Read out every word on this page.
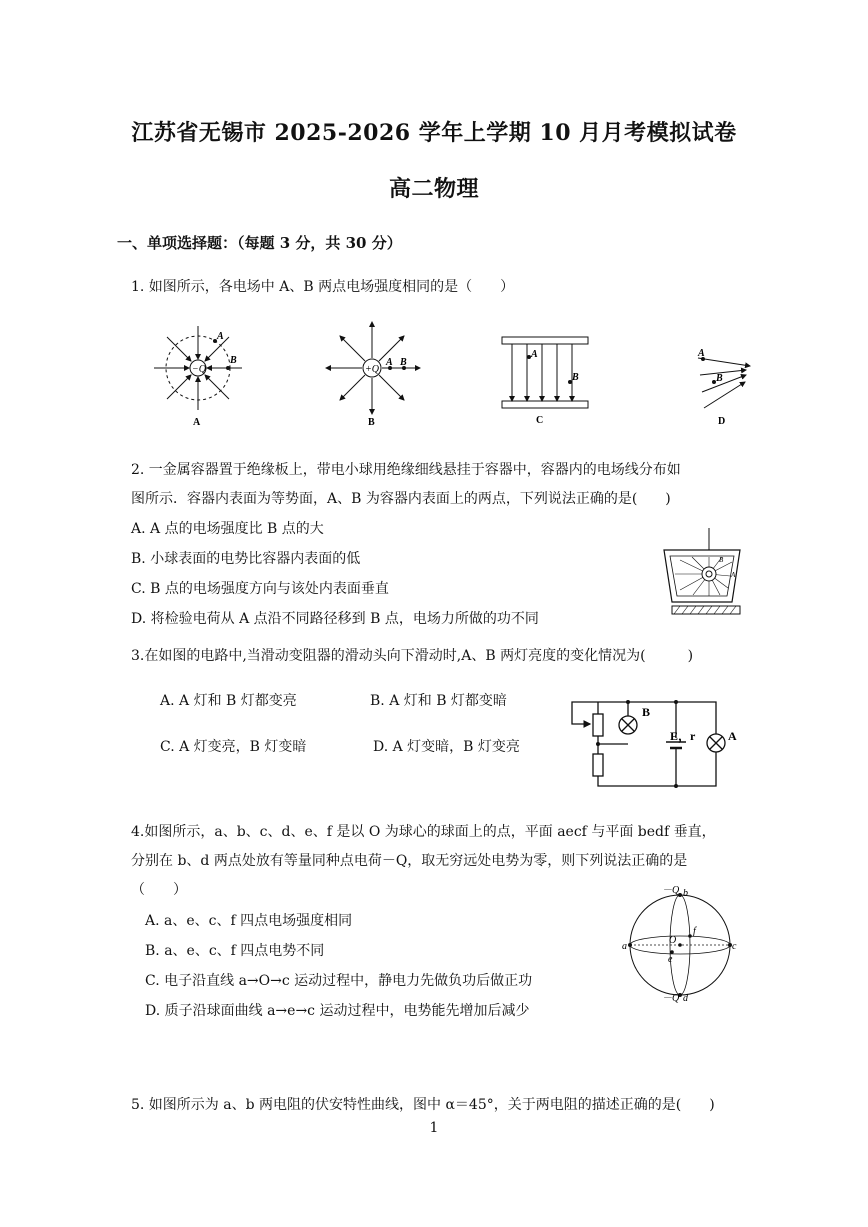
江苏省无锡市 2025-2026 学年上学期 10 月月考模拟试卷
高二物理
一、单项选择题：（每题 3 分，共 30 分）
1. 如图所示，各电场中 A、B 两点电场强度相同的是（　　）
−Q
A
B
A
+Q
A B
B
A
B
C
A
B
D
2. 一金属容器置于绝缘板上，带电小球用绝缘细线悬挂于容器中，容器内的电场线分布如
图所示．容器内表面为等势面，A、B 为容器内表面上的两点，下列说法正确的是(　　)
A. A 点的电场强度比 B 点的大
B. 小球表面的电势比容器内表面的低
C. B 点的电场强度方向与该处内表面垂直
D. 将检验电荷从 A 点沿不同路径移到 B 点，电场力所做的功不同
B
A
3.在如图的电路中,当滑动变阻器的滑动头向下滑动时,A、B 两灯亮度的变化情况为(　　　)
A. A 灯和 B 灯都变亮	B. A 灯和 B 灯都变暗
C. A 灯变亮，B 灯变暗	D. A 灯变暗，B 灯变亮
B
E，r	A
4.如图所示，a、b、c、d、e、f 是以 O 为球心的球面上的点，平面 aecf 与平面 bedf 垂直，
分别在 b、d 两点处放有等量同种点电荷－Q，取无穷远处电势为零，则下列说法正确的是
（　　）
A. a、e、c、f 四点电场强度相同
B. a、e、c、f 四点电势不同
C. 电子沿直线 a→O→c 运动过程中，静电力先做负功后做正功
D. 质子沿球面曲线 a→e→c 运动过程中，电势能先增加后减少
－Q b
－Q d
a	c
O
f
e
5. 如图所示为 a、b 两电阻的伏安特性曲线，图中 α＝45°，关于两电阻的描述正确的是(　　)
1
